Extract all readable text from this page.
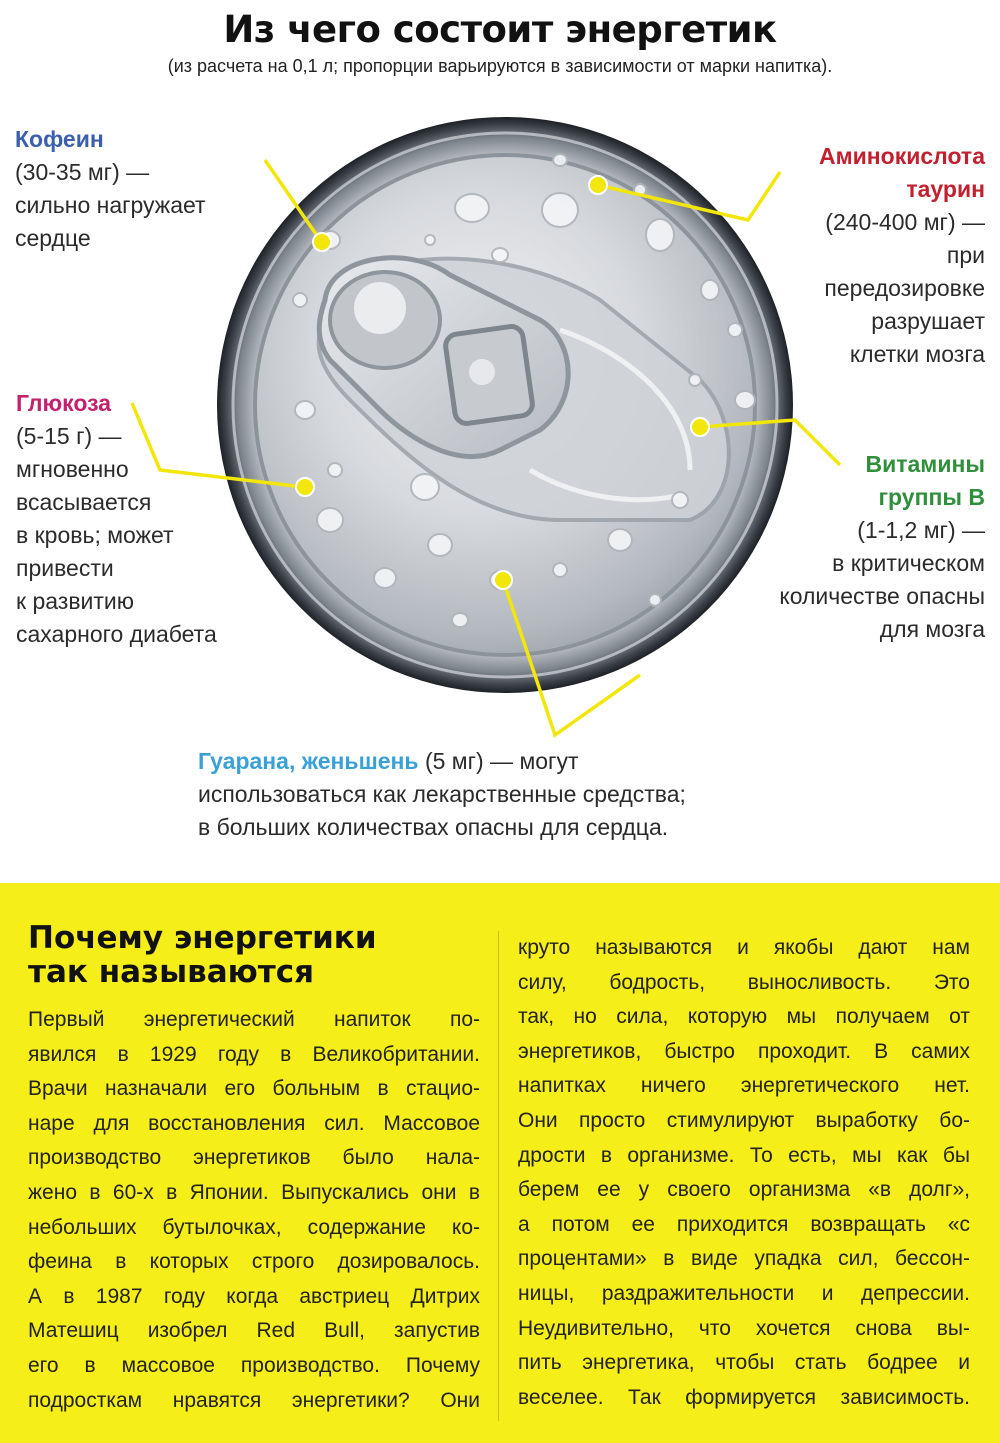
Из чего состоит энергетик
(из расчета на 0,1 л; пропорции варьируются в зависимости от марки напитка).
Кофеин
(30-35 мг) —
сильно нагружает
сердце
Аминокислота
таурин
(240-400 мг) —
при
передозировке
разрушает
клетки мозга
Глюкоза
(5-15 г) —
мгновенно
всасывается
в кровь; может
привести
к развитию
сахарного диабета
Витамины
группы В
(1-1,2 мг) —
в критическом
количестве опасны
для мозга
Гуарана, женьшень (5 мг) — могут
использоваться как лекарственные средства;
в больших количествах опасны для сердца.
Почему энергетики
так называются
Первый энергетический напиток по-
явился в 1929 году в Великобритании.
Врачи назначали его больным в стацио-
наре для восстановления сил. Массовое
производство энергетиков было нала-
жено в 60-х в Японии. Выпускались они в
небольших бутылочках, содержание ко-
феина в которых строго дозировалось.
А в 1987 году когда австриец Дитрих
Матешиц изобрел Red Bull, запустив
его в массовое производство. Почему
подросткам нравятся энергетики? Они
круто называются и якобы дают нам
силу, бодрость, выносливость. Это
так, но сила, которую мы получаем от
энергетиков, быстро проходит. В самих
напитках ничего энергетического нет.
Они просто стимулируют выработку бо-
дрости в организме. То есть, мы как бы
берем ее у своего организма «в долг»,
а потом ее приходится возвращать «с
процентами» в виде упадка сил, бессон-
ницы, раздражительности и депрессии.
Неудивительно, что хочется снова вы-
пить энергетика, чтобы стать бодрее и
веселее. Так формируется зависимость.
